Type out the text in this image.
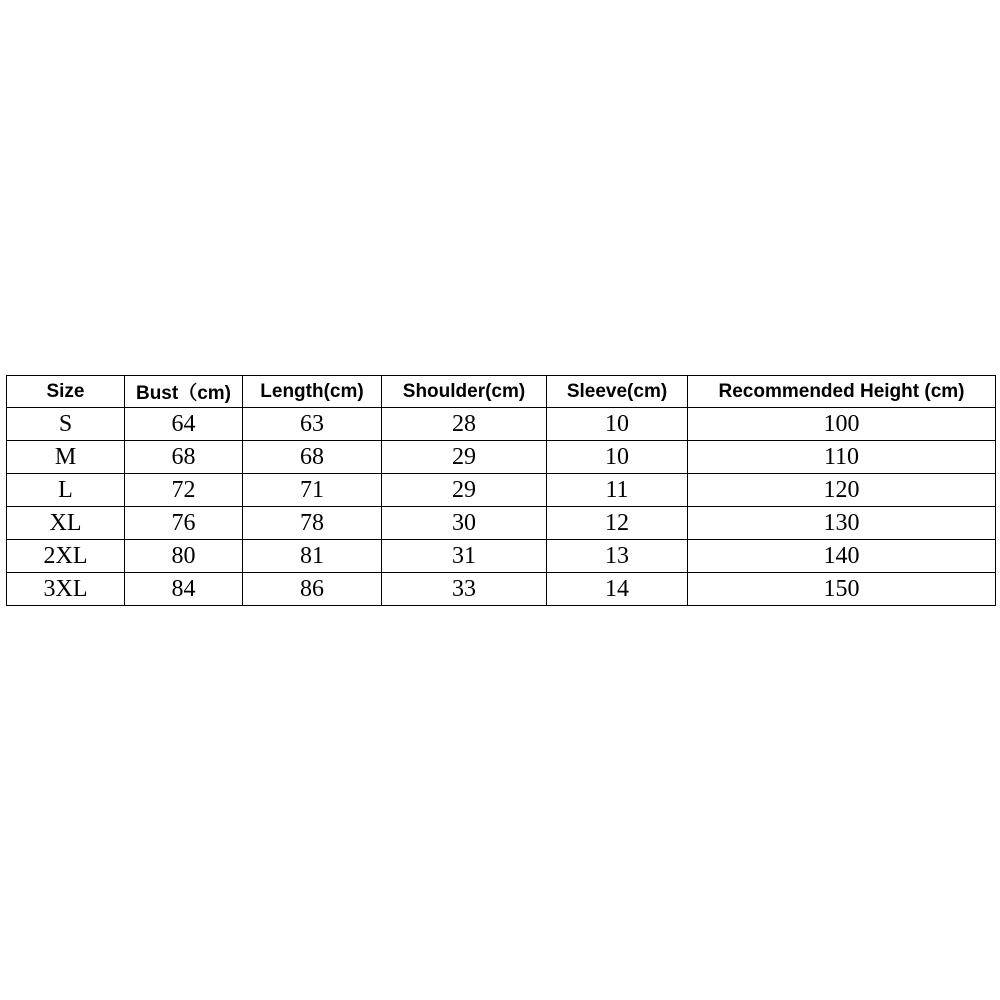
Size	Bust（cm)	Length(cm)	Shoulder(cm)	Sleeve(cm)	Recommended Height (cm)
S	64	63	28	10	100
M	68	68	29	10	110
L	72	71	29	11	120
XL	76	78	30	12	130
2XL	80	81	31	13	140
3XL	84	86	33	14	150
